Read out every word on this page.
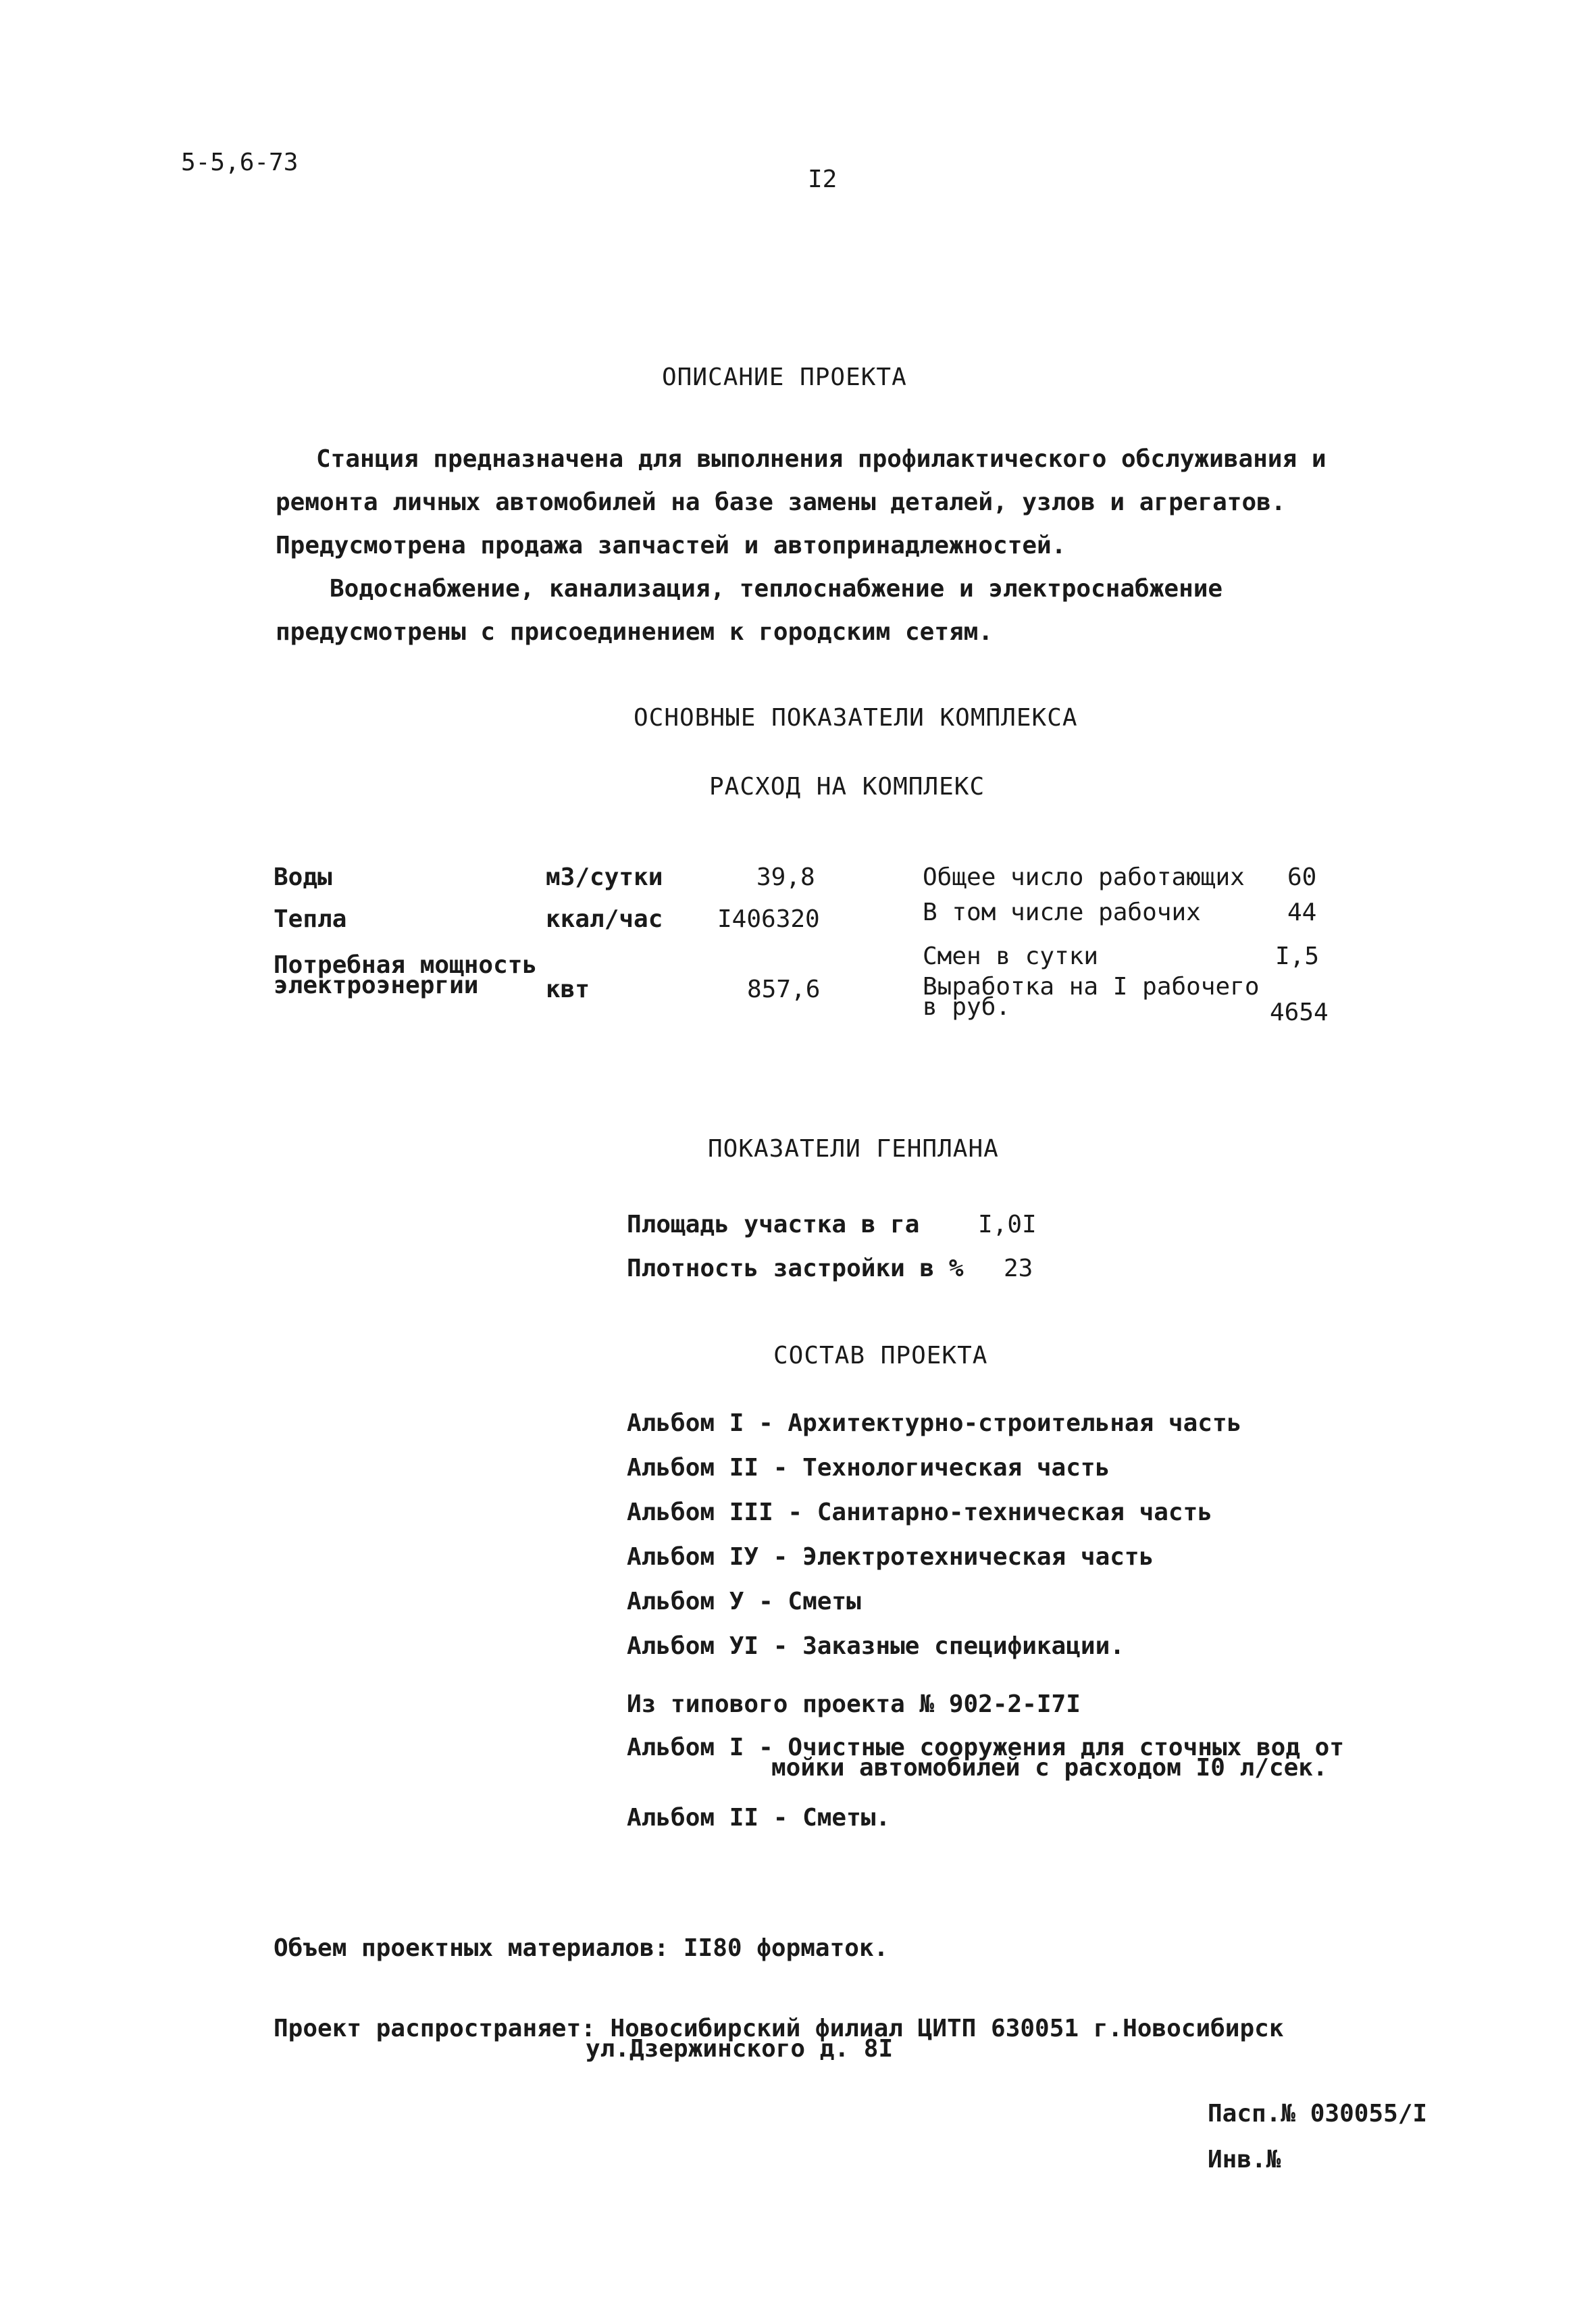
5-5,6-73
I2
ОПИСАНИЕ ПРОЕКТА

Станция предназначена для выполнения профилактического обслуживания и ремонта личных автомобилей на базе замены деталей, узлов и агрегатов. Предусмотрена продажа запчастей и автопринадлежностей.

Водоснабжение, канализация, теплоснабжение и электроснабжение предусмотрены с присоединением к городским сетям.

ОСНОВНЫЕ ПОКАЗАТЕЛИ КОМПЛЕКСА
РАСХОД НА КОМПЛЕКС
Воды	м3/сутки	39,8
Тепла	ккал/час I406320
Потребная мощность
электроэнергии	квт	857,6
Общее число работающих 60
В том числе рабочих	44
Смен в сутки	I,5
Выработка на I рабочего
в руб.	4654
ПОКАЗАТЕЛИ ГЕНПЛАНА
Площадь участка в га I,0I
Плотность застройки в % 23
СОСТАВ ПРОЕКТА
Альбом I - Архитектурно-строительная часть
Альбом II - Технологическая часть
Альбом III - Санитарно-техническая часть
Альбом IУ - Электротехническая часть
Альбом У - Сметы
Альбом УI - Заказные спецификации.
Из типового проекта № 902-2-I7I
Альбом I - Очистные сооружения для сточных вод от
мойки автомобилей с расходом I0 л/сек.
Альбом II - Сметы.
Объем проектных материалов: II80 форматок.
Проект распространяет: Новосибирский филиал ЦИТП 630051 г.Новосибирск
ул.Дзержинского д. 8I
Пасп.№ 030055/I
Инв.№
